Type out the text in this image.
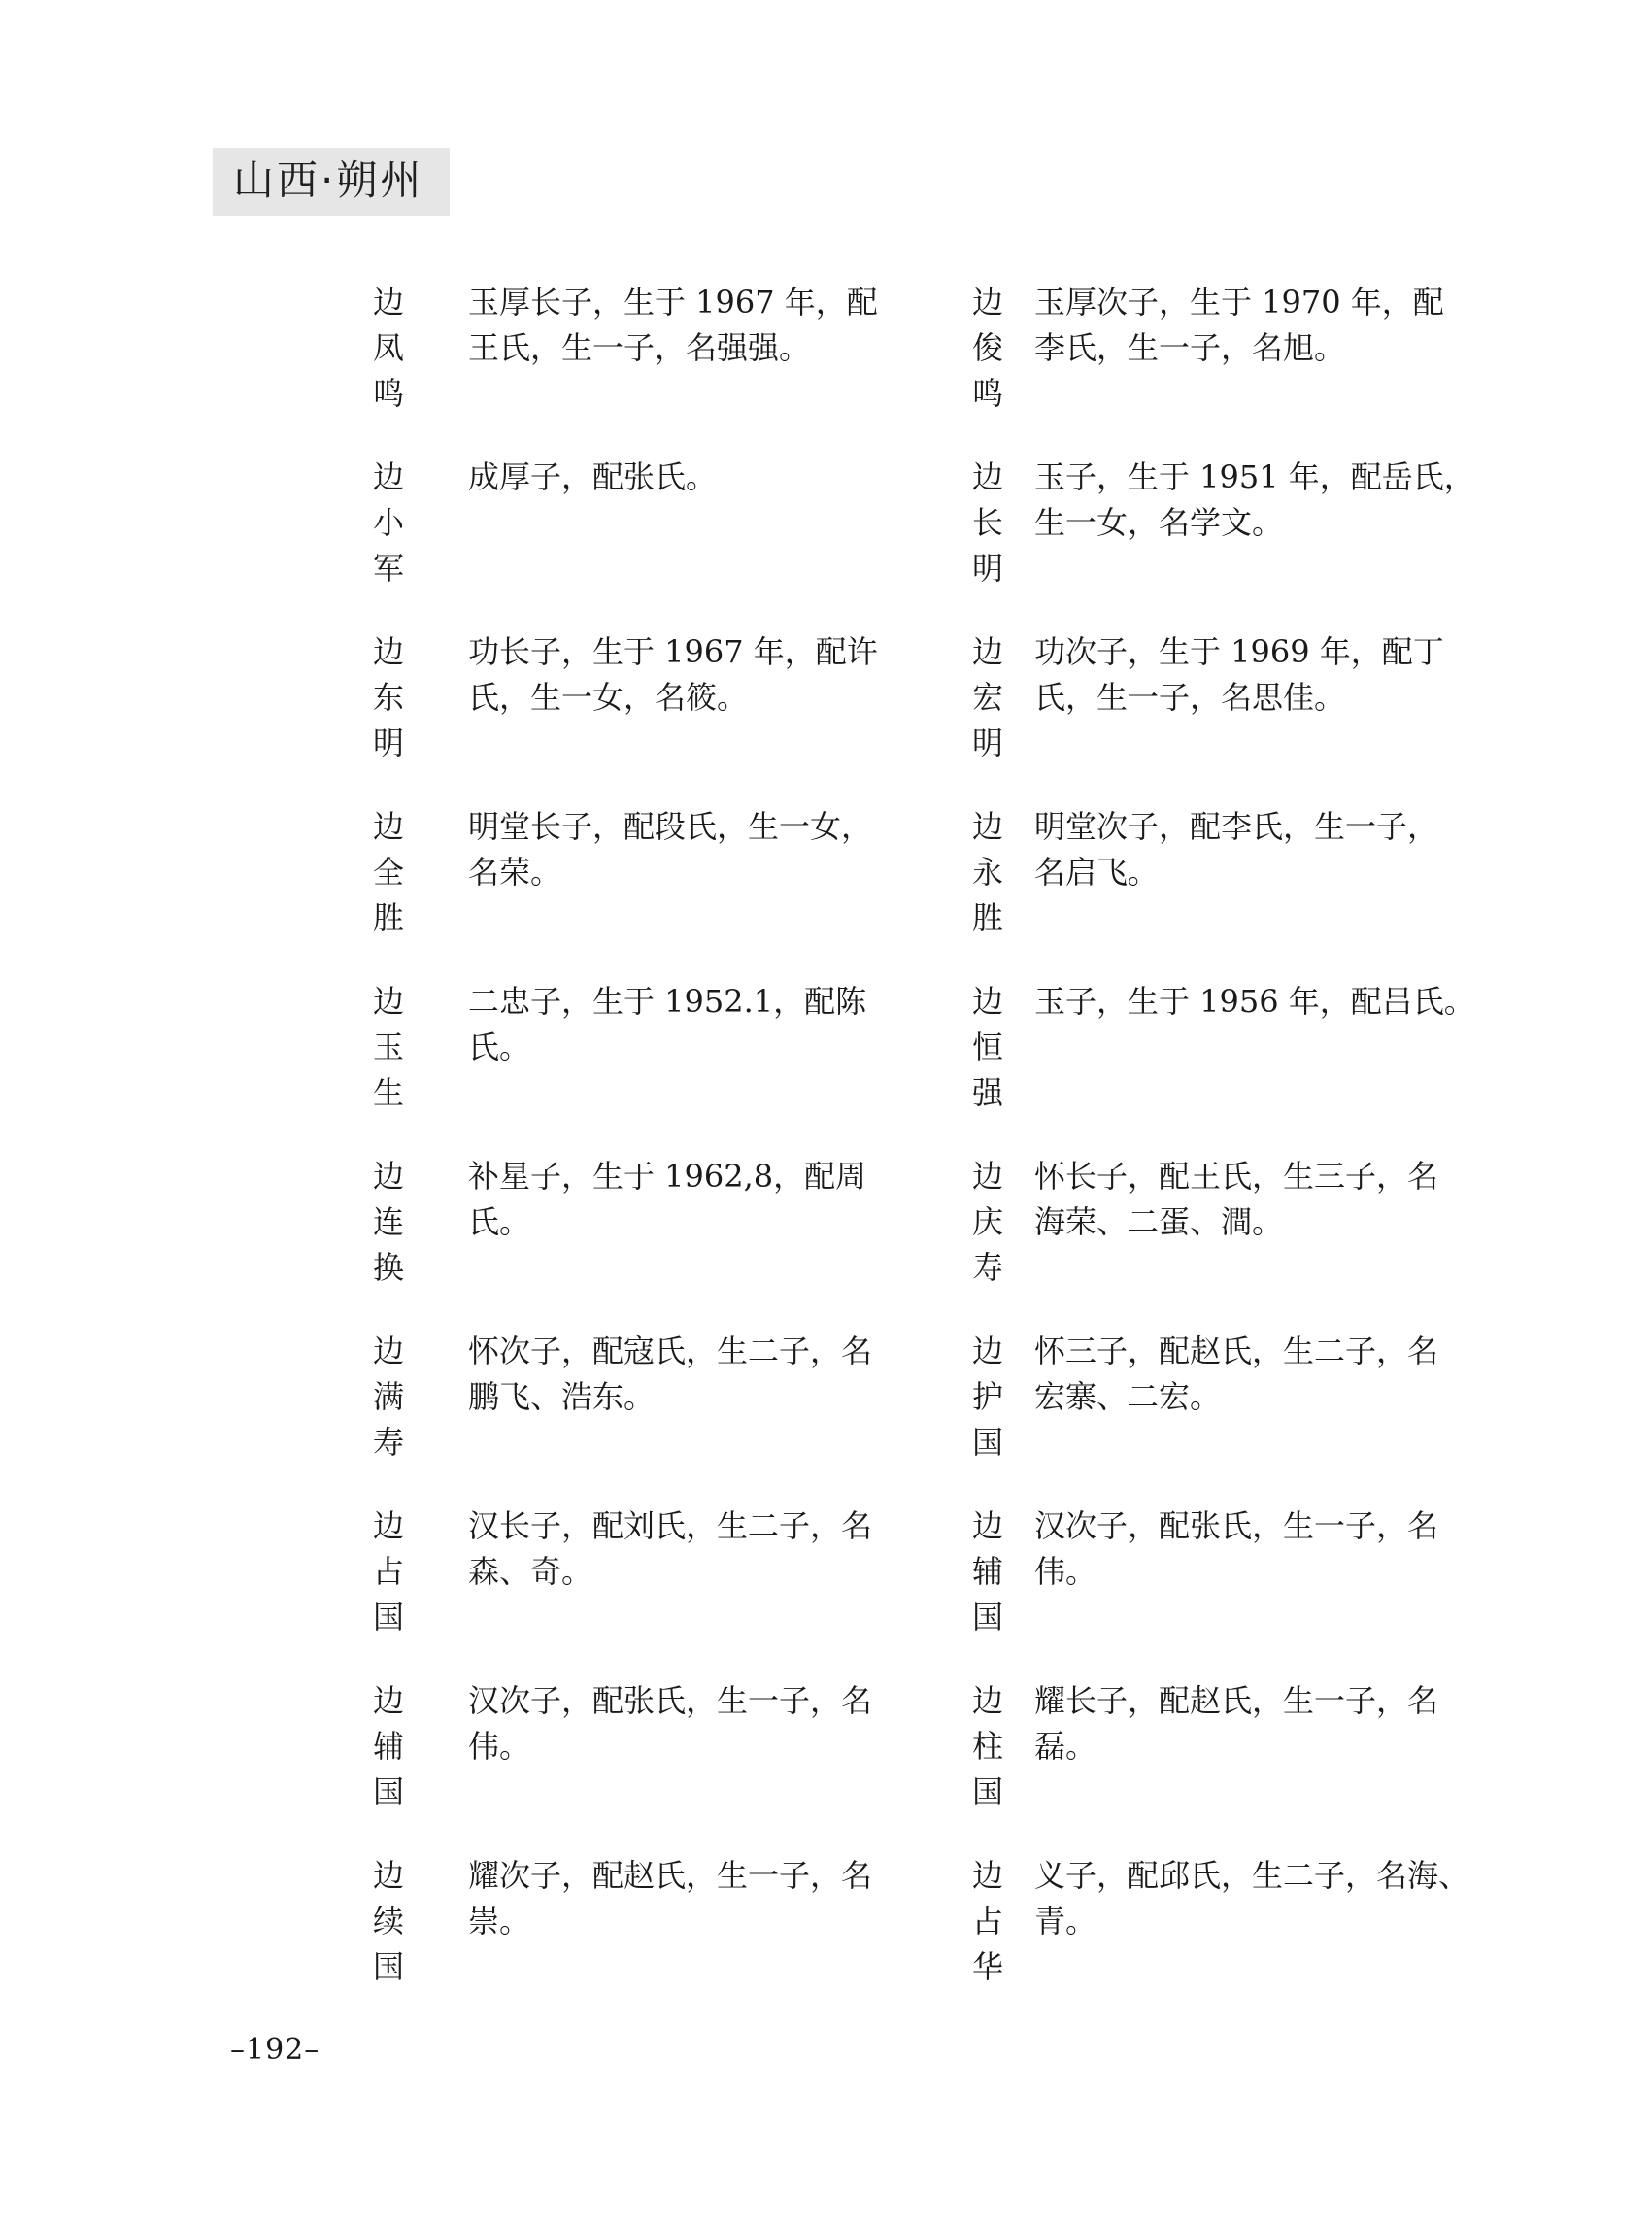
山西·朔州
边
凤
鸣
玉厚长子，生于 1967 年，配
王氏，生一子，名强强。
边
小
军
成厚子，配张氏。
边
东
明
功长子，生于 1967 年，配许
氏，生一女，名筱。
边
全
胜
明堂长子，配段氏，生一女，
名荣。
边
玉
生
二忠子，生于 1952.1，配陈
氏。
边
连
换
补星子，生于 1962,8，配周
氏。
边
满
寿
怀次子，配寇氏，生二子，名
鹏飞、浩东。
边
占
国
汉长子，配刘氏，生二子，名
森、奇。
边
辅
国
汉次子，配张氏，生一子，名
伟。
边
续
国
耀次子，配赵氏，生一子，名
崇。
边
俊
鸣
玉厚次子，生于 1970 年，配
李氏，生一子，名旭。
边
长
明
玉子，生于 1951 年，配岳氏，
生一女，名学文。
边
宏
明
功次子，生于 1969 年，配丁
氏，生一子，名思佳。
边
永
胜
明堂次子，配李氏，生一子，
名启飞。
边
恒
强
玉子，生于 1956 年，配吕氏。
边
庆
寿
怀长子，配王氏，生三子，名
海荣、二蛋、澗。
边
护
国
怀三子，配赵氏，生二子，名
宏寨、二宏。
边
辅
国
汉次子，配张氏，生一子，名
伟。
边
柱
国
耀长子，配赵氏，生一子，名
磊。
边
占
华
义子，配邱氏，生二子，名海、
青。
–192–
